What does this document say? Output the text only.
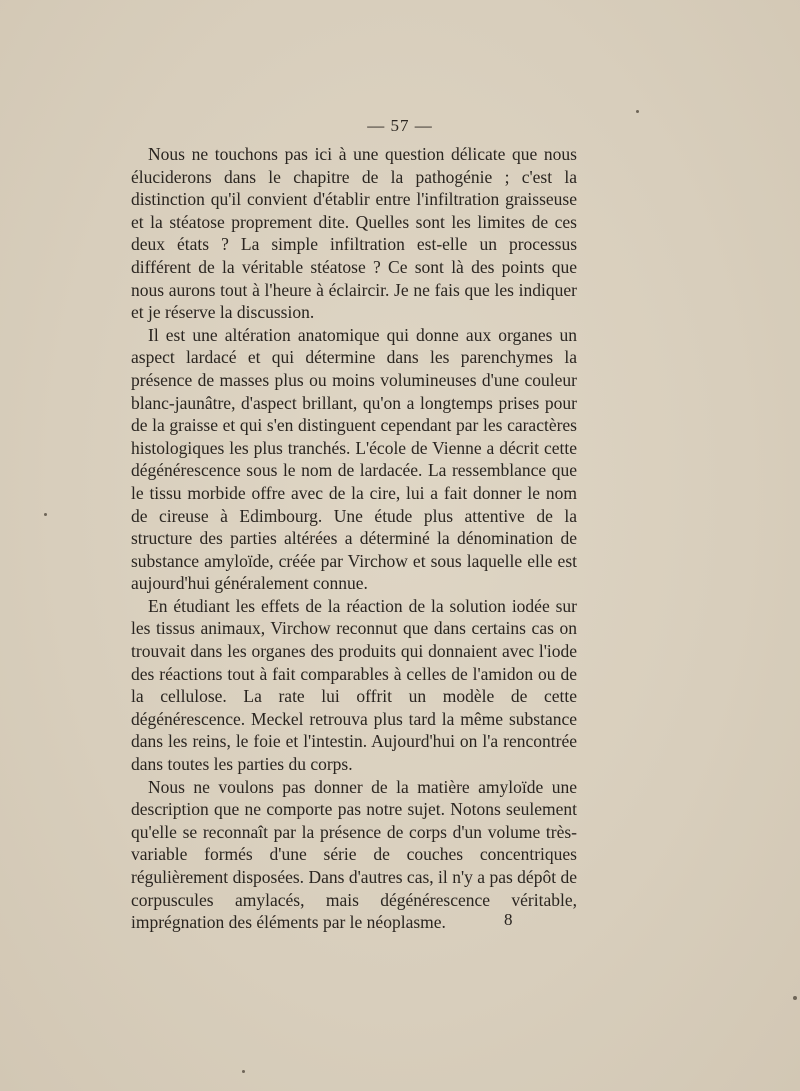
— 57 —

Nous ne touchons pas ici à une question délicate que nous éluciderons dans le chapitre de la pathogénie ; c'est la distinction qu'il convient d'établir entre l'infiltration graisseuse et la stéatose proprement dite. Quelles sont les limites de ces deux états ? La simple infiltration est-elle un processus différent de la véritable stéatose ? Ce sont là des points que nous aurons tout à l'heure à éclaircir. Je ne fais que les indiquer et je réserve la discussion.

Il est une altération anatomique qui donne aux organes un aspect lardacé et qui détermine dans les parenchymes la présence de masses plus ou moins volumineuses d'une couleur blanc-jaunâtre, d'aspect brillant, qu'on a longtemps prises pour de la graisse et qui s'en distinguent cependant par les caractères histologiques les plus tranchés. L'école de Vienne a décrit cette dégénérescence sous le nom de lardacée. La ressemblance que le tissu morbide offre avec de la cire, lui a fait donner le nom de cireuse à Edimbourg. Une étude plus attentive de la structure des parties altérées a déterminé la dénomination de substance amyloïde, créée par Virchow et sous laquelle elle est aujourd'hui généralement connue.

En étudiant les effets de la réaction de la solution iodée sur les tissus animaux, Virchow reconnut que dans certains cas on trouvait dans les organes des produits qui donnaient avec l'iode des réactions tout à fait comparables à celles de l'amidon ou de la cellulose. La rate lui offrit un modèle de cette dégénérescence. Meckel retrouva plus tard la même substance dans les reins, le foie et l'intestin. Aujourd'hui on l'a rencontrée dans toutes les parties du corps.

Nous ne voulons pas donner de la matière amyloïde une description que ne comporte pas notre sujet. Notons seulement qu'elle se reconnaît par la présence de corps d'un volume très-variable formés d'une série de couches concentriques régulièrement disposées. Dans d'autres cas, il n'y a pas dépôt de corpuscules amylacés, mais dégénérescence véritable, imprégnation des éléments par le néoplasme.	8
